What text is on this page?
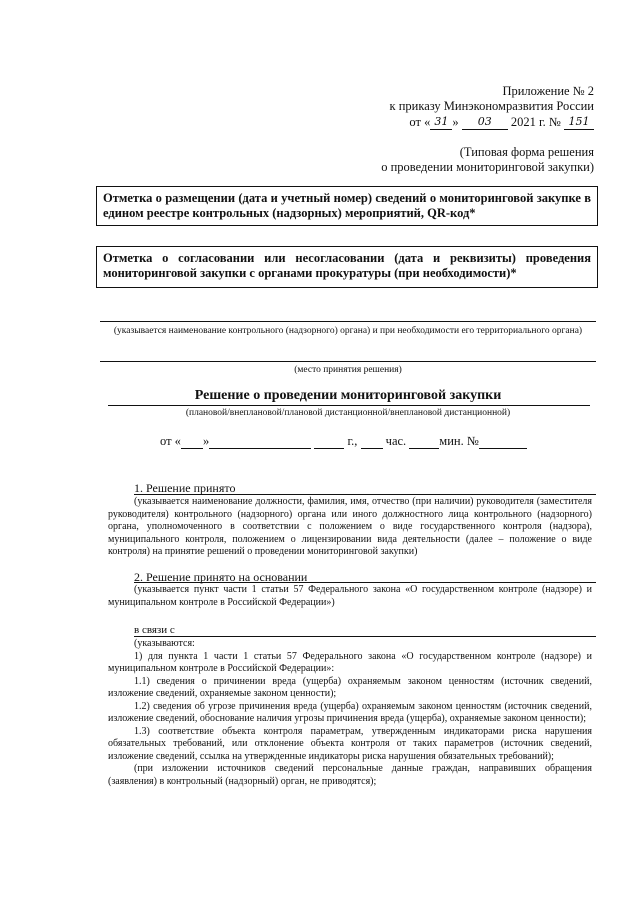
Приложение № 2
к приказу Минэкономразвития России
от « 31 » 03 2021 г. № 151
(Типовая форма решения
о проведении мониторинговой закупки)
Отметка о размещении (дата и учетный номер) сведений о мониторинговой закупке в едином реестре контрольных (надзорных) мероприятий, QR-код*
Отметка о согласовании или несогласовании (дата и реквизиты) проведения мониторинговой закупки с органами прокуратуры (при необходимости)*
(указывается наименование контрольного (надзорного) органа) и при необходимости его территориального органа)
(место принятия решения)
Решение о проведении мониторинговой закупки
(плановой/внеплановой/плановой дистанционной/внеплановой дистанционной)
от « »	г., час.	мин. №
1. Решение принято
(указывается наименование должности, фамилия, имя, отчество (при наличии) руководителя (заместителя руководителя) контрольного (надзорного) органа или иного должностного лица контрольного (надзорного) органа, уполномоченного в соответствии с положением о виде государственного контроля (надзора), муниципального контроля, положением о лицензировании вида деятельности (далее – положение о виде контроля) на принятие решений о проведении мониторинговой закупки)
2. Решение принято на основании
(указывается пункт части 1 статьи 57 Федерального закона «О государственном контроле (надзоре) и муниципальном контроле в Российской Федерации»)
в связи с
(указываются:
1) для пункта 1 части 1 статьи 57 Федерального закона «О государственном контроле (надзоре) и муниципальном контроле в Российской Федерации»:
1.1) сведения о причинении вреда (ущерба) охраняемым законом ценностям (источник сведений, изложение сведений, охраняемые законом ценности);
1.2) сведения об угрозе причинения вреда (ущерба) охраняемым законом ценностям (источник сведений, изложение сведений, обоснование наличия угрозы причинения вреда (ущерба), охраняемые законом ценности);
1.3) соответствие объекта контроля параметрам, утвержденным индикаторами риска нарушения обязательных требований, или отклонение объекта контроля от таких параметров (источник сведений, изложение сведений, ссылка на утвержденные индикаторы риска нарушения обязательных требований);
(при изложении источников сведений персональные данные граждан, направивших обращения (заявления) в контрольный (надзорный) орган, не приводятся);
